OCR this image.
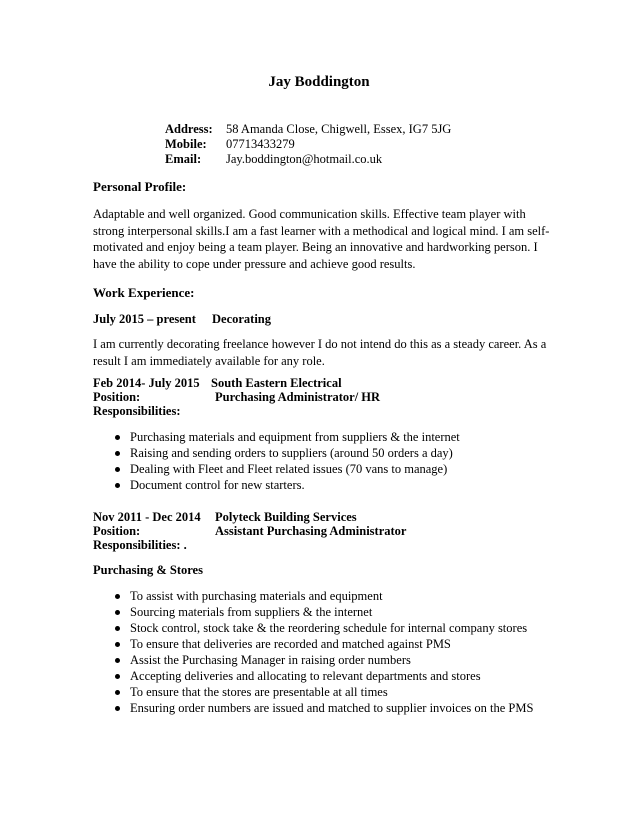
Jay Boddington
Address: 58 Amanda Close, Chigwell, Essex, IG7 5JG
Mobile: 07713433279
Email: Jay.boddington@hotmail.co.uk
Personal Profile:
Adaptable and well organized. Good communication skills. Effective team player with strong interpersonal skills.I am a fast learner with a methodical and logical mind. I am self-motivated and enjoy being a team player. Being an innovative and hardworking person. I have the ability to cope under pressure and achieve good results.
Work Experience:
July 2015 – present Decorating
I am currently decorating freelance however I do not intend do this as a steady career. As a result I am immediately available for any role.
Feb 2014- July 2015 South Eastern Electrical
Position:	Purchasing Administrator/ HR
Responsibilities:
Purchasing materials and equipment from suppliers & the internet
Raising and sending orders to suppliers (around 50 orders a day)
Dealing with Fleet and Fleet related issues (70 vans to manage)
Document control for new starters.
Nov 2011 - Dec 2014 Polyteck Building Services
Position:	Assistant Purchasing Administrator
Responsibilities: .
Purchasing & Stores
To assist with purchasing materials and equipment
Sourcing materials from suppliers & the internet
Stock control, stock take & the reordering schedule for internal company stores
To ensure that deliveries are recorded and matched against PMS
Assist the Purchasing Manager in raising order numbers
Accepting deliveries and allocating to relevant departments and stores
To ensure that the stores are presentable at all times
Ensuring order numbers are issued and matched to supplier invoices on the PMS
